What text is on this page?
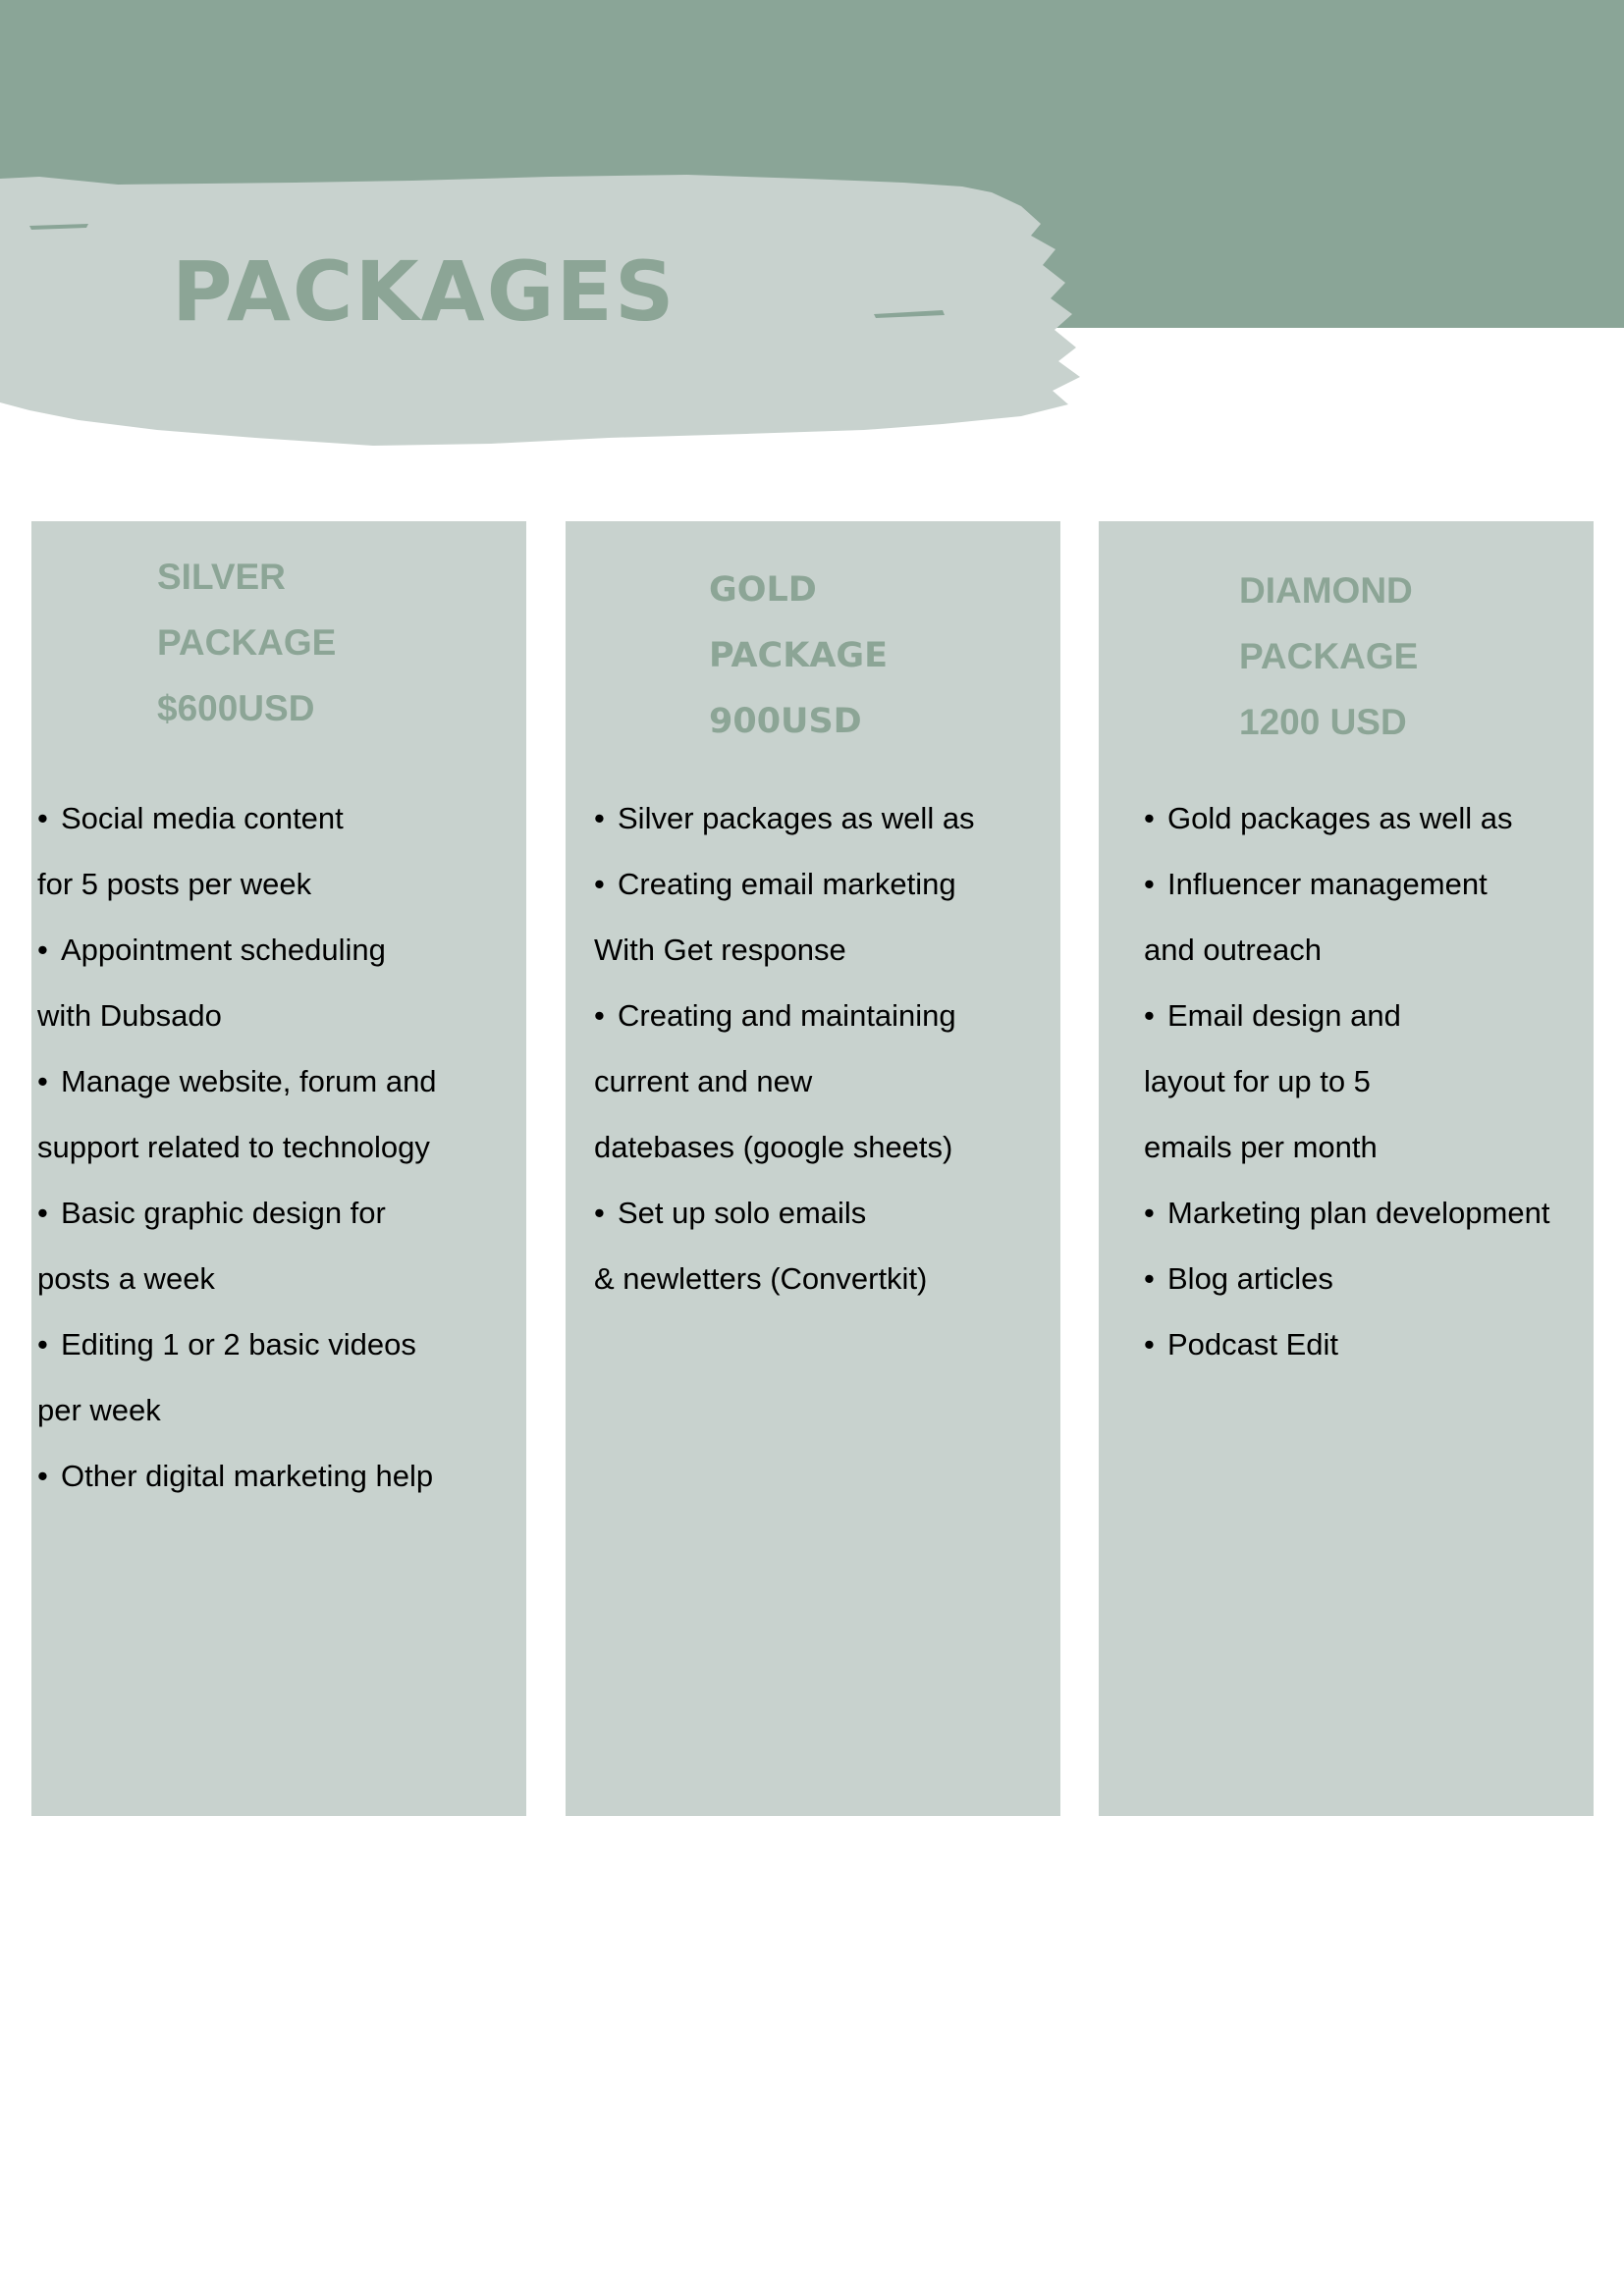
PACKAGES
SILVER
PACKAGE
$600USD
• Social media content
for 5 posts per week
• Appointment scheduling
with Dubsado
• Manage website, forum and
support related to technology
• Basic graphic design for
posts a week
• Editing 1 or 2 basic videos
per week
• Other digital marketing help
GOLD
PACKAGE
900USD
• Silver packages as well as
• Creating email marketing
With Get response
• Creating and maintaining
current and new
datebases (google sheets)
• Set up solo emails
& newletters (Convertkit)
DIAMOND
PACKAGE
1200 USD
• Gold packages as well as
• Influencer management
and outreach
• Email design and
layout for up to 5
emails per month
• Marketing plan development
• Blog articles
• Podcast Edit
